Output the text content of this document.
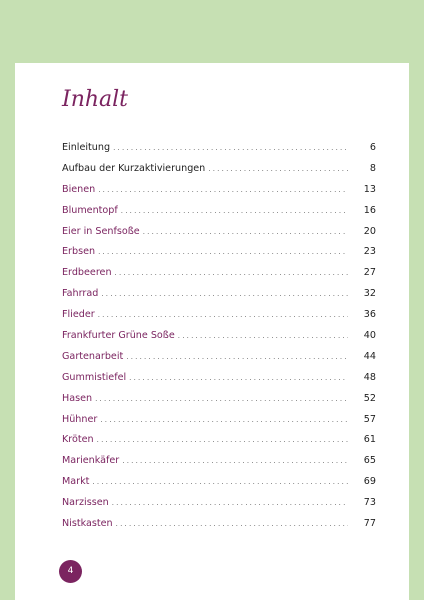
Inhalt
Einleitung . . .	6
Aufbau der Kurzaktivierungen . . .	8
Bienen . . .	13
Blumentopf . . .	16
Eier in Senfsoße . . .	20
Erbsen . . .	23
Erdbeeren . . .	27
Fahrrad . . .	32
Flieder . . .	36
Frankfurter Grüne Soße . . .	40
Gartenarbeit . . .	44
Gummistiefel . . .	48
Hasen . . .	52
Hühner . . .	57
Kröten . . .	61
Marienkäfer . . .	65
Markt . . .	69
Narzissen . . .	73
Nistkasten . . .	77
4
